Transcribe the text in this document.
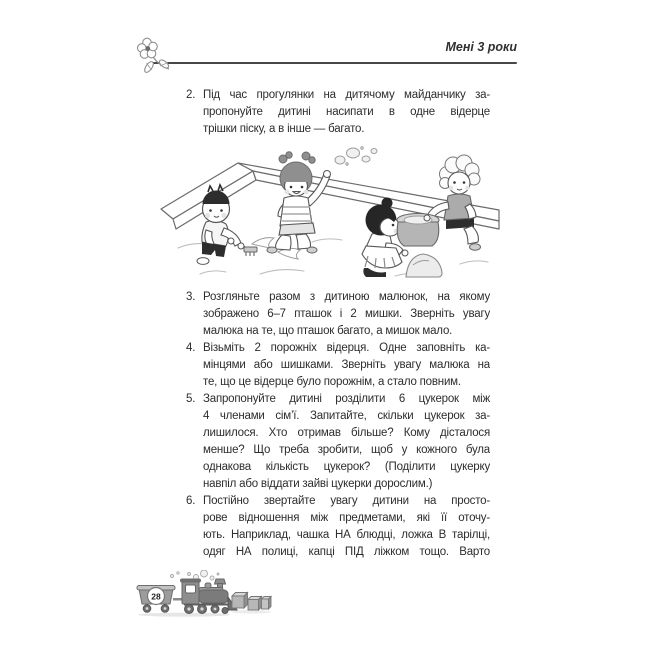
Мені 3 роки
2. Під час прогулянки на дитячому майданчику за-
пропонуйте дитині насипати в одне відерце
трішки піску, а в інше — багато.
3. Розгляньте разом з дитиною малюнок, на якому
зображено 6–7 пташок і 2 мишки. Зверніть увагу
малюка на те, що пташок багато, а мишок мало.
4. Візьміть 2 порожніх відерця. Одне заповніть ка-
мінцями або шишками. Зверніть увагу малюка на
те, що це відерце було порожнім, а стало повним.
5. Запропонуйте дитині розділити 6 цукерок між
4 членами сім’ї. Запитайте, скільки цукерок за-
лишилося. Хто отримав більше? Кому дісталося
менше? Що треба зробити, щоб у кожного була
однакова кількість цукерок? (Поділити цукерку
навпіл або віддати зайві цукерки дорослим.)
6. Постійно звертайте увагу дитини на просто-
рове відношення між предметами, які її оточу-
ють. Наприклад, чашка НА блюдці, ложка В тарілці,
одяг НА полиці, капці ПІД ліжком тощо. Варто
28
